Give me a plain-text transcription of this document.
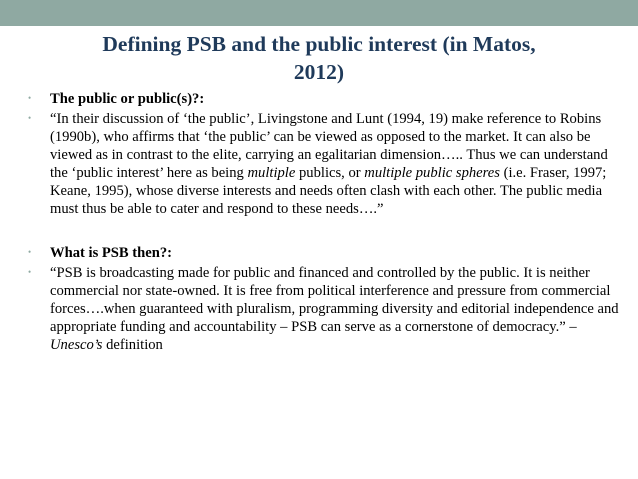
Defining PSB and the public interest (in Matos,
2012)
• The public or public(s)?:
• “In their discussion of ‘the public’, Livingstone and Lunt (1994, 19) make reference to Robins (1990b), who affirms that ‘the public’ can be viewed as opposed to the market. It can also be viewed as in contrast to the elite, carrying an egalitarian dimension….. Thus we can understand the ‘public interest’ here as being multiple publics, or multiple public spheres (i.e. Fraser, 1997; Keane, 1995), whose diverse interests and needs often clash with each other. The public media must thus be able to cater and respond to these needs….”
• What is PSB then?:
• “PSB is broadcasting made for public and financed and controlled by the public. It is neither commercial nor state-owned. It is free from political interference and pressure from commercial forces….when guaranteed with pluralism, programming diversity and editorial independence and appropriate funding and accountability – PSB can serve as a cornerstone of democracy.” – Unesco’s definition
